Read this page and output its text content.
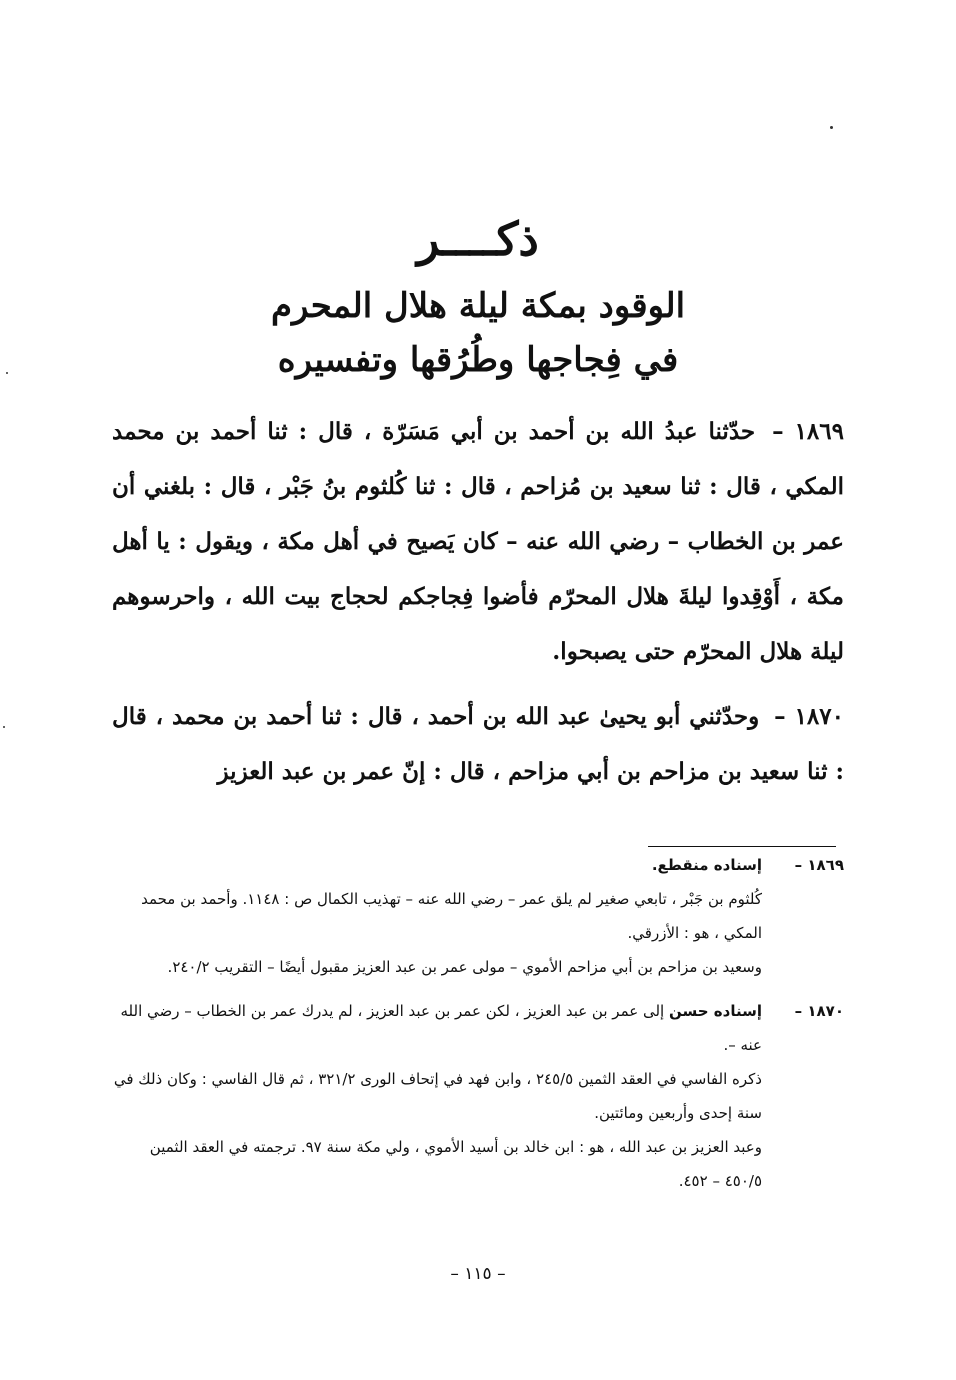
ذكــــر
الوقود بمكة ليلة هلال المحرم
في فِجاجها وطُرُقها وتفسيره

١٨٦٩ – حدّثنا عبدُ الله بن أحمد بن أبي مَسَرّة ، قال : ثنا أحمد بن محمد المكي ، قال : ثنا سعيد بن مُزاحم ، قال : ثنا كُلثوم بنُ جَبْر ، قال : بلغني أن عمر بن الخطاب – رضي الله عنه – كان يَصيح في أهل مكة ، ويقول : يا أهل مكة ، أَوْقِدوا ليلةَ هلال المحرّم فأضوا فِجاجكم لحجاج بيت الله ، واحرسوهم ليلة هلال المحرّم حتى يصبحوا.

١٨٧٠ – وحدّثني أبو يحيىٰ عبد الله بن أحمد ، قال : ثنا أحمد بن محمد ، قال : ثنا سعيد بن مزاحم بن أبي مزاحم ، قال : إنّ عمر بن عبد العزيز

١٨٦٩ –

إسناده منقطع.

كُلثوم بن جَبْر ، تابعي صغير لم يلق عمر – رضي الله عنه – تهذيب الكمال ص : ١١٤٨. وأحمد بن محمد المكي ، هو : الأزرقي.

وسعيد بن مزاحم بن أبي مزاحم الأموي – مولى عمر بن عبد العزيز مقبول أيضًا – التقريب ٢٤٠/٢.

١٨٧٠ –

إسناده حسن إلى عمر بن عبد العزيز ، لكن عمر بن عبد العزيز ، لم يدرك عمر بن الخطاب – رضي الله عنه –.

ذكره الفاسي في العقد الثمين ٢٤٥/٥ ، وابن فهد في إتحاف الورى ٣٢١/٢ ، ثم قال الفاسي : وكان ذلك في سنة إحدى وأربعين ومائتين.

وعبد العزيز بن عبد الله ، هو : ابن خالد بن أسيد الأموي ، ولي مكة سنة ٩٧. ترجمته في العقد الثمين ٤٥٠/٥ – ٤٥٢.

– ١١٥ –
